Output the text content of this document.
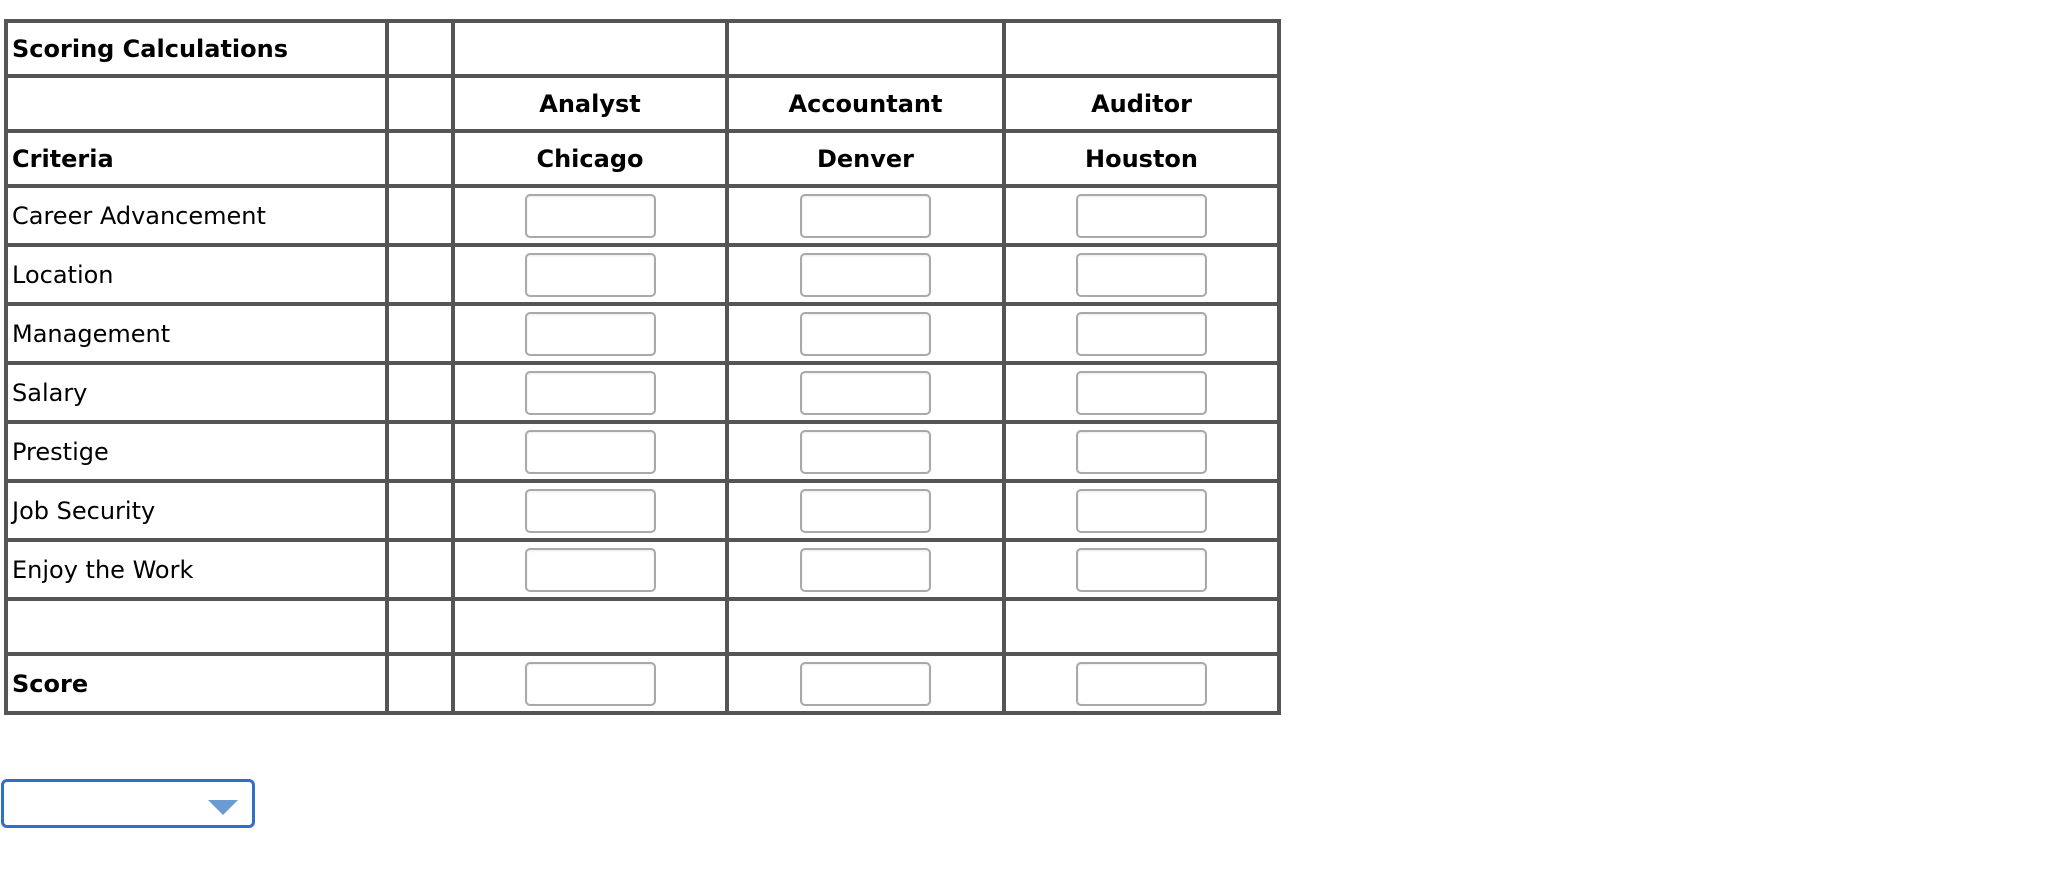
Scoring Calculations				
		Analyst	Accountant	Auditor
Criteria		Chicago	Denver	Houston
Career Advancement		

Location		

Management		

Salary		

Prestige		

Job Security		

Enjoy the Work		

Score		
